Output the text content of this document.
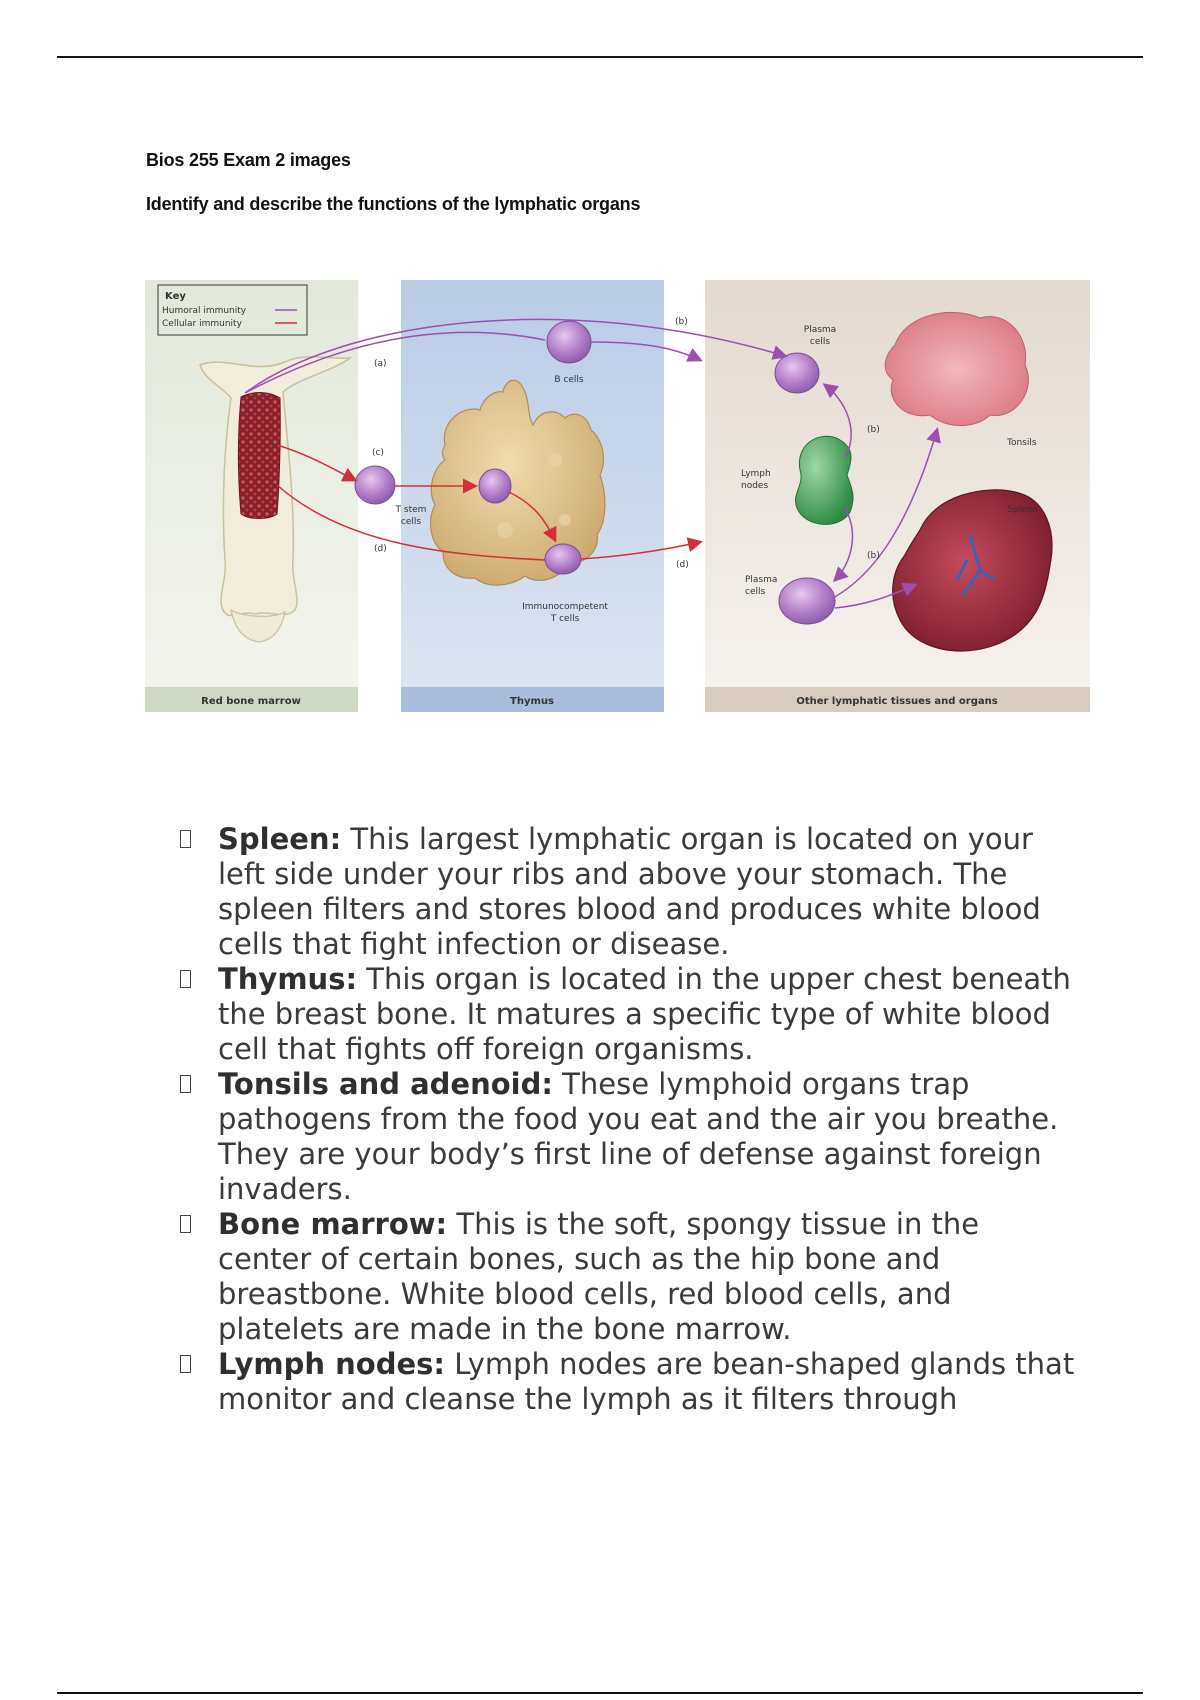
Bios 255 Exam 2 images

Identify and describe the functions of the lymphatic organs

Red bone marrow	Thymus	Other lymphatic tissues and organs
Key
Humoral immunity
Cellular immunity
(a)
(b)
(c)
(d)
(d)
(b)
(b)
B cells
T stem
cells
Immunocompetent
T cells
Plasma
cells
Lymph
nodes
Plasma
cells
Tonsils
Spleen
Spleen: This largest lymphatic organ is located on your left side under your ribs and above your stomach. The spleen filters and stores blood and produces white blood cells that fight infection or disease.
Thymus: This organ is located in the upper chest beneath the breast bone. It matures a specific type of white blood cell that fights off foreign organisms.
Tonsils and adenoid: These lymphoid organs trap pathogens from the food you eat and the air you breathe. They are your body’s first line of defense against foreign invaders.
Bone marrow: This is the soft, spongy tissue in the center of certain bones, such as the hip bone and breastbone. White blood cells, red blood cells, and platelets are made in the bone marrow.
Lymph nodes: Lymph nodes are bean-shaped glands that monitor and cleanse the lymph as it filters through
